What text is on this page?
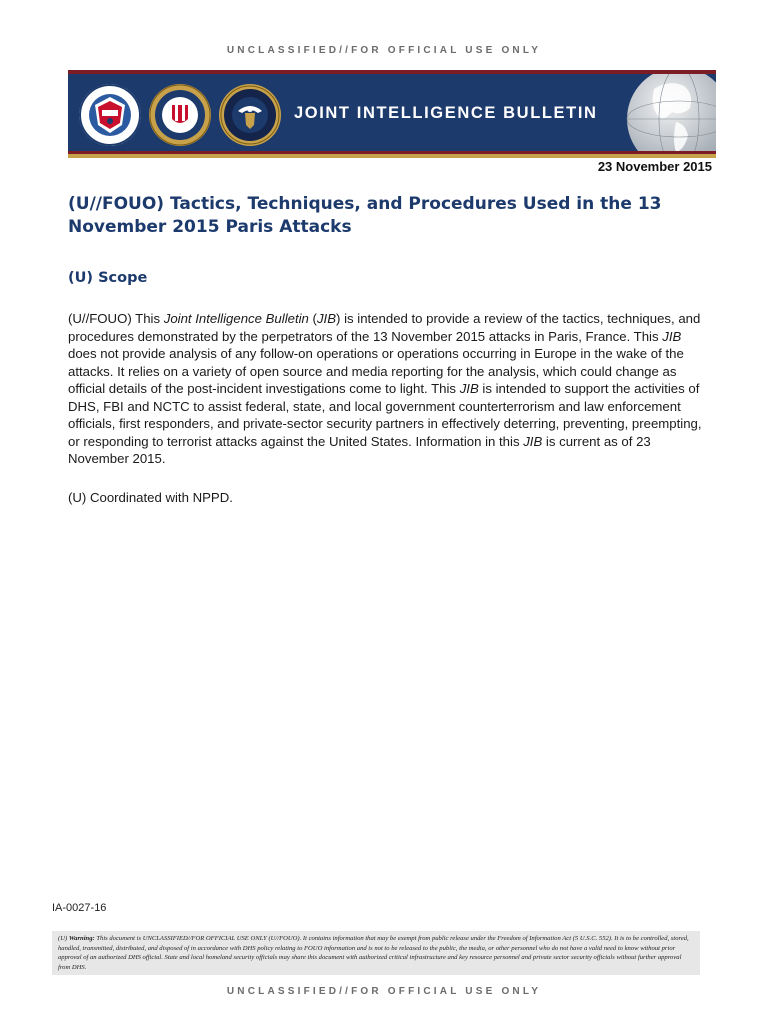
UNCLASSIFIED//FOR OFFICIAL USE ONLY
JOINT INTELLIGENCE BULLETIN
23 November 2015
(U//FOUO) Tactics, Techniques, and Procedures Used in the 13 November 2015 Paris Attacks
(U) Scope

(U//FOUO) This Joint Intelligence Bulletin (JIB) is intended to provide a review of the tactics, techniques, and procedures demonstrated by the perpetrators of the 13 November 2015 attacks in Paris, France. This JIB does not provide analysis of any follow-on operations or operations occurring in Europe in the wake of the attacks. It relies on a variety of open source and media reporting for the analysis, which could change as official details of the post-incident investigations come to light. This JIB is intended to support the activities of DHS, FBI and NCTC to assist federal, state, and local government counterterrorism and law enforcement officials, first responders, and private-sector security partners in effectively deterring, preventing, preempting, or responding to terrorist attacks against the United States. Information in this JIB is current as of 23 November 2015.

(U) Coordinated with NPPD.

IA-0027-16
(U) Warning: This document is UNCLASSIFIED//FOR OFFICIAL USE ONLY (U//FOUO). It contains information that may be exempt from public release under the Freedom of Information Act (5 U.S.C. 552). It is to be controlled, stored, handled, transmitted, distributed, and disposed of in accordance with DHS policy relating to FOUO information and is not to be released to the public, the media, or other personnel who do not have a valid need to know without prior approval of an authorized DHS official. State and local homeland security officials may share this document with authorized critical infrastructure and key resource personnel and private sector security officials without further approval from DHS.
UNCLASSIFIED//FOR OFFICIAL USE ONLY
